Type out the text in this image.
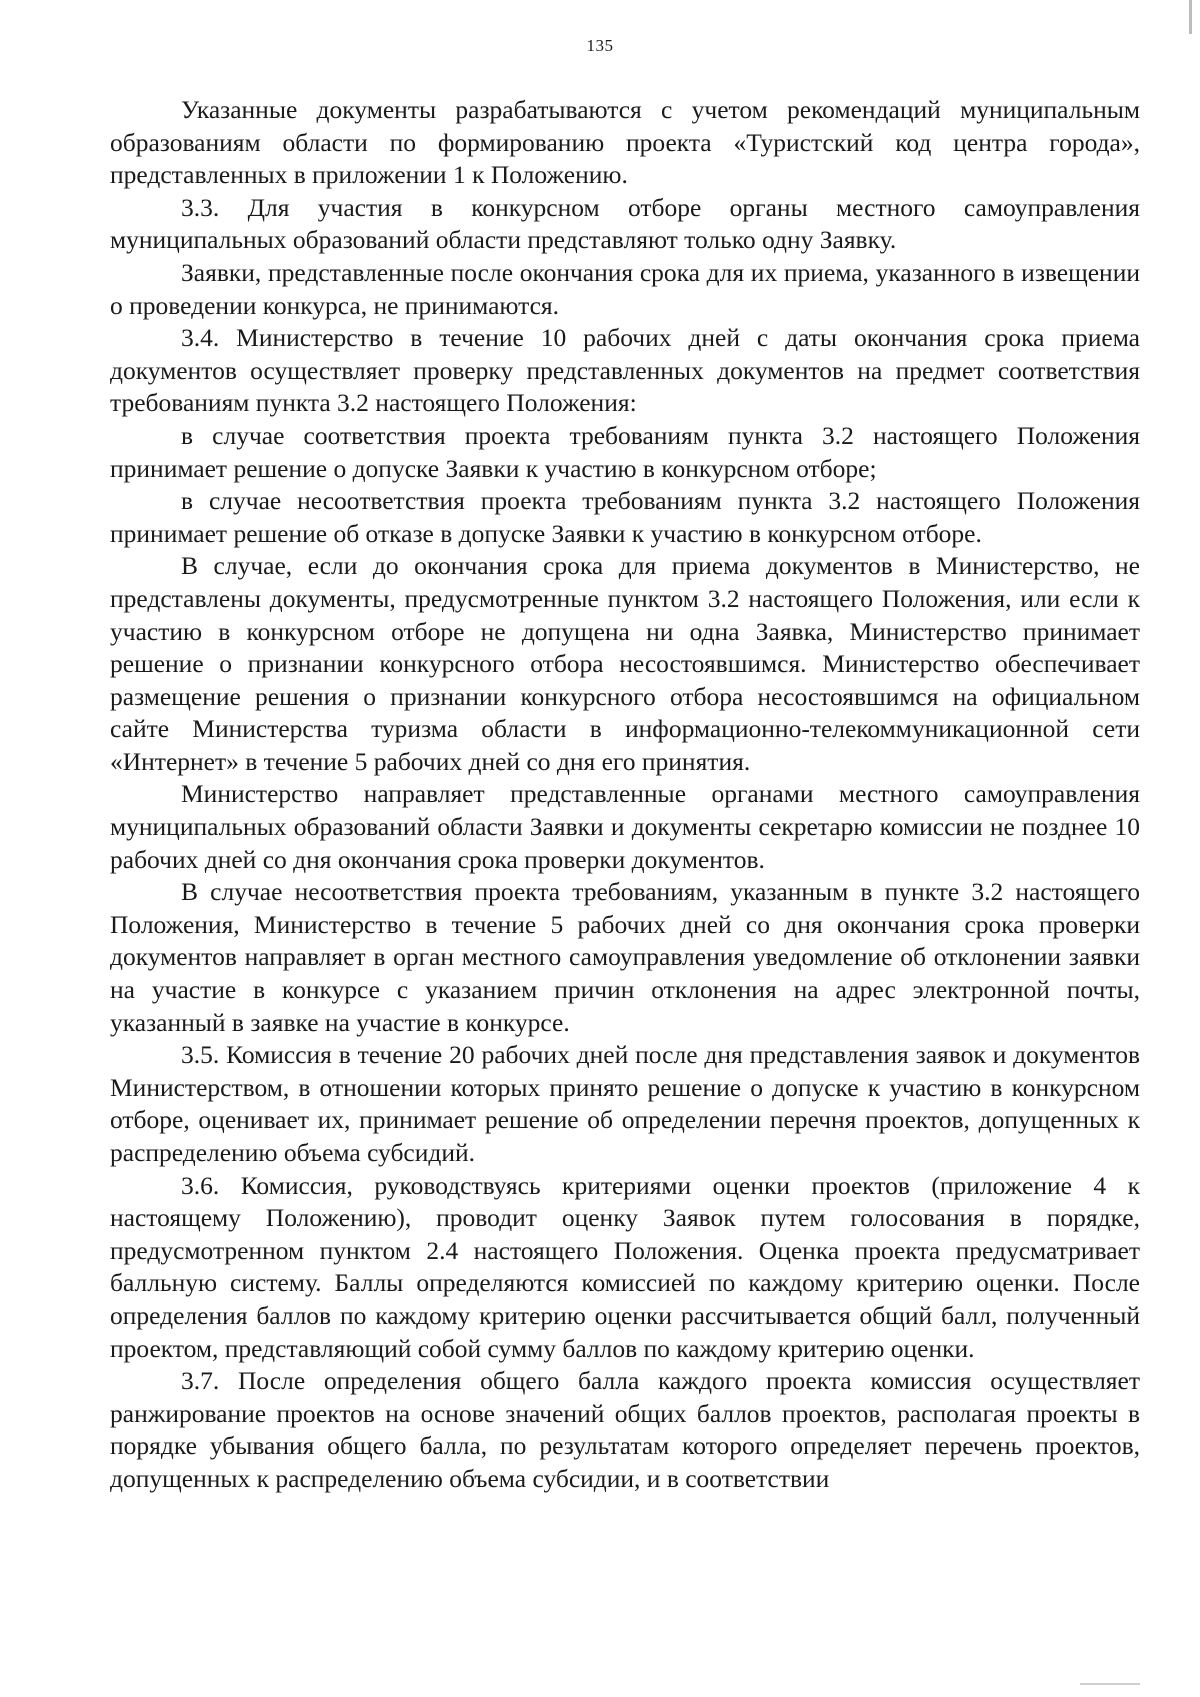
135

Указанные документы разрабатываются с учетом рекомендаций муниципальным образованиям области по формированию проекта «Туристский код центра города», представленных в приложении 1 к Положению.

3.3. Для участия в конкурсном отборе органы местного самоуправления муниципальных образований области представляют только одну Заявку.

Заявки, представленные после окончания срока для их приема, указанного в извещении о проведении конкурса, не принимаются.

3.4. Министерство в течение 10 рабочих дней с даты окончания срока приема документов осуществляет проверку представленных документов на предмет соответствия требованиям пункта 3.2 настоящего Положения:

в случае соответствия проекта требованиям пункта 3.2 настоящего Положения принимает решение о допуске Заявки к участию в конкурсном отборе;

в случае несоответствия проекта требованиям пункта 3.2 настоящего Положения принимает решение об отказе в допуске Заявки к участию в конкурсном отборе.

В случае, если до окончания срока для приема документов в Министерство, не представлены документы, предусмотренные пунктом 3.2 настоящего Положения, или если к участию в конкурсном отборе не допущена ни одна Заявка, Министерство принимает решение о признании конкурсного отбора несостоявшимся. Министерство обеспечивает размещение решения о признании конкурсного отбора несостоявшимся на официальном сайте Министерства туризма области в информационно-телекоммуникационной сети «Интернет» в течение 5 рабочих дней со дня его принятия.

Министерство направляет представленные органами местного самоуправления муниципальных образований области Заявки и документы секретарю комиссии не позднее 10 рабочих дней со дня окончания срока проверки документов.

В случае несоответствия проекта требованиям, указанным в пункте 3.2 настоящего Положения, Министерство в течение 5 рабочих дней со дня окончания срока проверки документов направляет в орган местного самоуправления уведомление об отклонении заявки на участие в конкурсе с указанием причин отклонения на адрес электронной почты, указанный в заявке на участие в конкурсе.

3.5. Комиссия в течение 20 рабочих дней после дня представления заявок и документов Министерством, в отношении которых принято решение о допуске к участию в конкурсном отборе, оценивает их, принимает решение об определении перечня проектов, допущенных к распределению объема субсидий.

3.6. Комиссия, руководствуясь критериями оценки проектов (приложение 4 к настоящему Положению), проводит оценку Заявок путем голосования в порядке, предусмотренном пунктом 2.4 настоящего Положения. Оценка проекта предусматривает балльную систему. Баллы определяются комиссией по каждому критерию оценки. После определения баллов по каждому критерию оценки рассчитывается общий балл, полученный проектом, представляющий собой сумму баллов по каждому критерию оценки.

3.7. После определения общего балла каждого проекта комиссия осуществляет ранжирование проектов на основе значений общих баллов проектов, располагая проекты в порядке убывания общего балла, по результатам которого определяет перечень проектов, допущенных к распределению объема субсидии, и в соответствии
